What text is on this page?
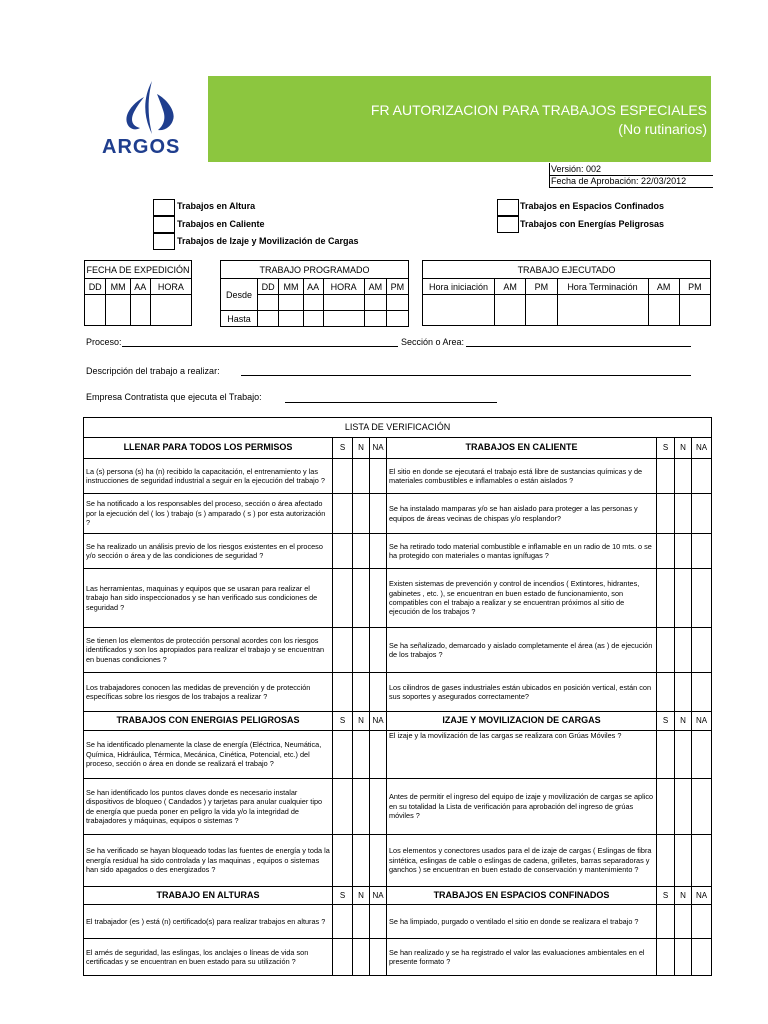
ARGOS
FR AUTORIZACION PARA TRABAJOS ESPECIALES
(No rutinarios)
Versión: 002
Fecha de Aprobación: 22/03/2012
Trabajos en Altura
Trabajos en Caliente
Trabajos de Izaje y Movilización de Cargas
Trabajos en Espacios Confinados
Trabajos con Energías Peligrosas
FECHA DE EXPEDICIÓN			
DD	MM	AA	HORA

TRABAJO PROGRAMADO						
Desde	DD	MM	AA	HORA	AM	PM

Hasta						
TRABAJO EJECUTADO					
Hora iniciación	AM	PM	Hora Terminación	AM	PM

Proceso:	Sección o Area:
Descripción del trabajo a realizar:
Empresa Contratista que ejecuta el Trabajo:
LISTA DE VERIFICACIÓN							
LLENAR PARA TODOS LOS PERMISOS	S	N	NA	TRABAJOS EN CALIENTE	S	N	NA
La (s) persona (s) ha (n) recibido la capacitación, el entrenamiento y las instrucciones de seguridad industrial a seguir en la ejecución del trabajo ?				El sitio en donde se ejecutará el trabajo está libre de sustancias químicas y de materiales combustibles e inflamables o están aislados ?			
Se ha notificado a los responsables del proceso, sección o área afectado por la ejecución del ( los ) trabajo (s ) amparado ( s ) por esta autorización ?				Se ha instalado mamparas y/o se han aislado para proteger a las personas y equipos de áreas vecinas de chispas y/o resplandor?			
Se ha realizado un análisis previo de los riesgos existentes en el proceso y/o sección o área y de las condiciones de seguridad ?				Se ha retirado todo material combustible e inflamable en un radio de 10 mts. o se ha protegido con materiales o mantas ignífugas ?			
Las herramientas, maquinas y equipos que se usaran para realizar el trabajo han sido inspeccionados y se han verificado sus condiciones de seguridad ?				Existen sistemas de prevención y control de incendios ( Extintores, hidrantes, gabinetes , etc. ), se encuentran en buen estado de funcionamiento, son compatibles con el trabajo a realizar y se encuentran próximos al sitio de ejecución de los trabajos ?			
Se tienen los elementos de protección personal acordes con los riesgos identificados y son los apropiados para realizar el trabajo y se encuentran en buenas condiciones ?				Se ha señalizado, demarcado y aislado completamente el área (as ) de ejecución de los trabajos ?			
Los trabajadores conocen las medidas de prevención y de protección específicas sobre los riesgos de los trabajos a realizar ?				Los cilindros de gases industriales están ubicados en posición vertical, están con sus soportes y asegurados correctamente?			
TRABAJOS CON ENERGIAS PELIGROSAS	S	N	NA	IZAJE Y MOVILIZACION DE CARGAS	S	N	NA
Se ha identificado plenamente la clase de energía (Eléctrica, Neumática, Química, Hidráulica, Térmica, Mecánica, Cinética, Potencial, etc.) del proceso, sección o área en donde se realizará el trabajo ?				El izaje y la movilización de las cargas se realizara con Grúas Móviles ?			
Se han identificado los puntos claves donde es necesario instalar dispositivos de bloqueo ( Candados ) y tarjetas para anular cualquier tipo de energía que pueda poner en peligro la vida y/o la integridad de trabajadores y máquinas, equipos o sistemas ?				Antes de permitir el ingreso del equipo de izaje y movilización de cargas se aplico en su totalidad la Lista de verificación para aprobación del ingreso de grúas móviles ?			
Se ha verificado se hayan bloqueado todas las fuentes de energía y toda la energía residual ha sido controlada y las maquinas , equipos o sistemas han sido apagados o des energizados ?				Los elementos y conectores usados para el de izaje de cargas ( Eslingas de fibra sintética, eslingas de cable o eslingas de cadena, grilletes, barras separadoras y ganchos ) se encuentran en buen estado de conservación y mantenimiento ?			
TRABAJO EN ALTURAS	S	N	NA	TRABAJOS EN ESPACIOS CONFINADOS	S	N	NA
El trabajador (es ) está (n) certificado(s) para realizar trabajos en alturas ?				Se ha limpiado, purgado o ventilado el sitio en donde se realizara el trabajo ?			
El arnés de seguridad, las eslingas, los anclajes o líneas de vida son certificadas y se encuentran en buen estado para su utilización ?				Se han realizado y se ha registrado el valor las evaluaciones ambientales en el presente formato ?			
